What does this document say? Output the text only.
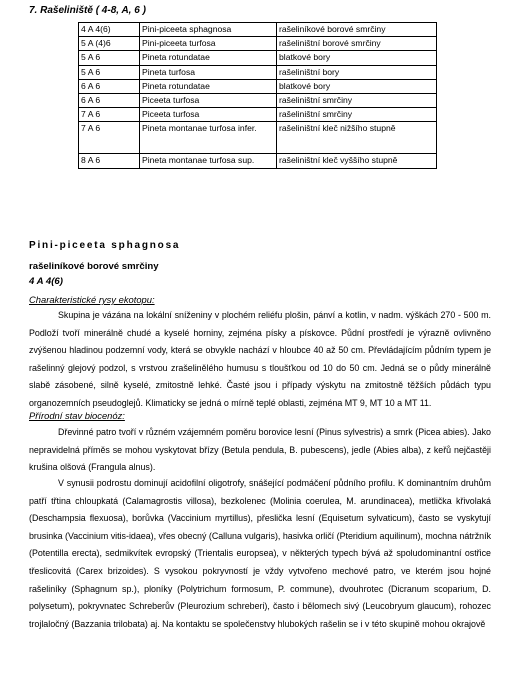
7. Rašeliniště ( 4-8, A, 6 )
4 A 4(6)	Pini-piceeta sphagnosa	rašeliníkové borové smrčiny
5 A (4)6	Pini-piceeta turfosa	rašeliništní borové smrčiny
5 A 6	Pineta rotundatae	blatkové bory
5 A 6	Pineta turfosa	rašeliništní bory
6 A 6	Pineta rotundatae	blatkové bory
6 A 6	Piceeta turfosa	rašeliništní smrčiny
7 A 6	Piceeta turfosa	rašeliništní smrčiny
7 A 6	Pineta montanae turfosa infer.	rašeliništní kleč nižšího stupně
8 A 6	Pineta montanae turfosa sup.	rašeliništní kleč vyššího stupně
Pini-piceeta sphagnosa
rašeliníkové borové smrčiny
4 A 4(6)
Charakteristické rysy ekotopu:

Skupina je vázána na lokální sníženiny v plochém reliéfu plošin, pánví a kotlin, v nadm. výškách 270 - 500 m. Podloží tvoří minerálně chudé a kyselé horniny, zejména písky a pískovce. Půdní prostředí je výrazně ovlivněno zvýšenou hladinou podzemní vody, která se obvykle nachází v hloubce 40 až 50 cm. Převládajícím půdním typem je rašelinný glejový podzol, s vrstvou zrašelinělého humusu s tloušťkou od 10 do 50 cm. Jedná se o půdy minerálně slabě zásobené, silně kyselé, zmitostně lehké. Časté jsou i případy výskytu na zmitostně těžších půdách typu organozemních pseudoglejů. Klimaticky se jedná o mírně teplé oblasti, zejména MT 9, MT 10 a MT 11.

Přírodní stav biocenóz:

Dřevinné patro tvoří v různém vzájemném poměru borovice lesní (Pinus sylvestris) a smrk (Picea abies). Jako nepravidelná příměs se mohou vyskytovat břízy (Betula pendula, B. pubescens), jedle (Abies alba), z keřů nejčastěji krušina olšová (Frangula alnus).

V synusii podrostu dominují acidofilní oligotrofy, snášející podmáčení půdního profilu. K dominantním druhům patří třtina chloupkatá (Calamagrostis villosa), bezkolenec (Molinia coerulea, M. arundinacea), metlička křivolaká (Deschampsia flexuosa), borůvka (Vaccinium myrtillus), přeslička lesní (Equisetum sylvaticum), často se vyskytují brusinka (Vaccinium vitis-idaea), vřes obecný (Calluna vulgaris), hasivka orličí (Pteridium aquilinum), mochna nátržník (Potentilla erecta), sedmikvítek evropský (Trientalis europsea), v některých typech bývá až spoludominantní ostřice třeslicovitá (Carex brizoides). S vysokou pokryvností je vždy vytvořeno mechové patro, ve kterém jsou hojné rašeliníky (Sphagnum sp.), ploníky (Polytrichum formosum, P. commune), dvouhrotec (Dicranum scoparium, D. polysetum), pokryvnatec Schreberův (Pleurozium schreberi), často i bělomech sivý (Leucobryum glaucum), rohozec trojlaločný (Bazzania trilobata) aj. Na kontaktu se společenstvy hlubokých rašelin se i v této skupině mohou okrajově
